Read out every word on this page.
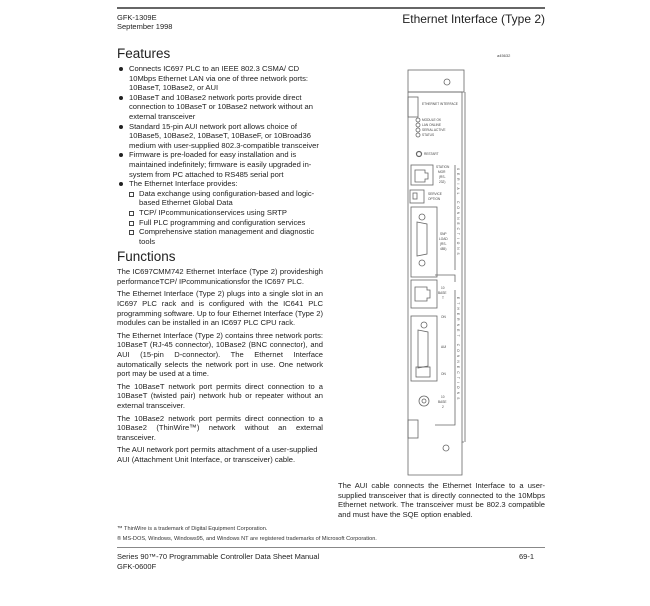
GFK-1309E
September 1998
Ethernet Interface (Type 2)
Features
Connects IC697 PLC to an IEEE 802.3 CSMA/ CD 10Mbps Ethernet LAN via one of three network ports: 10BaseT, 10Base2, or AUI
10BaseT and 10Base2 network ports provide direct connection to 10BaseT or 10Base2 network without an external transceiver
Standard 15-pin AUI network port allows choice of 10Base5, 10Base2, 10BaseT, 10BaseF, or 10Broad36 medium with user-supplied 802.3-compatible transceiver
Firmware is pre-loaded for easy installation and is maintained indefinitely; firmware is easily upgraded in-system from PC attached to RS485 serial port
The Ethernet Interface provides:
Data exchange using configuration-based and logic-based Ethernet Global Data
TCP/ IPcommunicationservices using SRTP
Full PLC programming and configuration services
Comprehensive station management and diagnostic tools
Functions

The IC697CMM742 Ethernet Interface (Type 2) provideshigh performanceTCP/ IPcommunicationsfor the IC697 PLC.

The Ethernet Interface (Type 2) plugs into a single slot in an IC697 PLC rack and is configured with the IC641 PLC programming software. Up to four Ethernet Interface (Type 2) modules can be installed in an IC697 PLC CPU rack.

The Ethernet Interface (Type 2) contains three network ports: 10BaseT (RJ-45 connector), 10Base2 (BNC connector), and AUI (15-pin D-connector). The Ethernet Interface automatically selects the network port in use. One network port may be used at a time.

The 10BaseT network port permits direct connection to a 10BaseT (twisted pair) network hub or repeater without an external transceiver.

The 10Base2 network port permits direct connection to a 10Base2 (ThinWire™) network without an external transceiver.

The AUI network port permits attachment of a user-supplied AUI (Attachment Unit Interface, or transceiver) cable.

a45632
ETHERNET INTERFACE
MODULE OK
LAN ONLINE
SERIAL ACTIVE
STATUS
RESTART
STATION
MGR
(RS-
232)
SERVICE
OPTION
SNP
LOAD
(RS-
485)
10
BASE
T
ON
AUI
ON
10
BASE
2
SERIAL CONNECTIONS
ETHERNET CONNECTIONS

The AUI cable connects the Ethernet Interface to a user-supplied transceiver that is directly connected to the 10Mbps Ethernet network. The transceiver must be 802.3 compatible and must have the SQE option enabled.

™ ThinWire is a trademark of Digital Equipment Corporation.
® MS-DOS, Windows, Windows95, and Windows NT are registered trademarks of Microsoft Corporation.
Series 90™-70 Programmable Controller Data Sheet Manual
GFK-0600F
69-1
